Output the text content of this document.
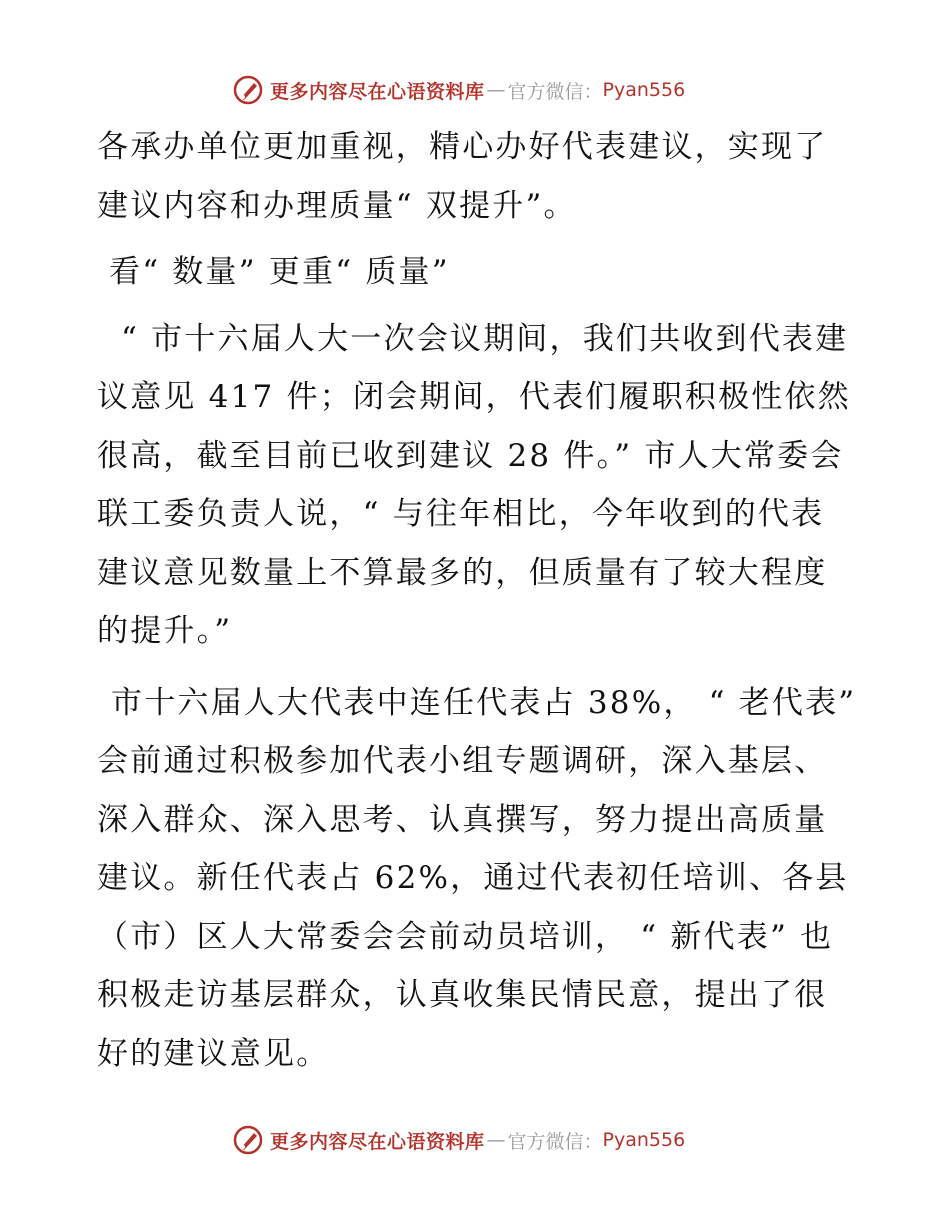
更多内容尽在心语资料库 — 官方微信： Pyan556

各承办单位更加重视，精心办好代表建议，实现了建议内容和办理质量“ 双提升”。

看“ 数量” 更重“ 质量”

“ 市十六届人大一次会议期间，我们共收到代表建议意见 417 件；闭会期间，代表们履职积极性依然很高，截至目前已收到建议 28 件。” 市人大常委会联工委负责人说，“ 与往年相比，今年收到的代表建议意见数量上不算最多的，但质量有了较大程度的提升。”

市十六届人大代表中连任代表占 38%， “ 老代表” 会前通过积极参加代表小组专题调研，深入基层、深入群众、深入思考、认真撰写，努力提出高质量建议。新任代表占 62%，通过代表初任培训、各县（市）区人大常委会会前动员培训， “ 新代表” 也积极走访基层群众，认真收集民情民意，提出了很好的建议意见。

更多内容尽在心语资料库 — 官方微信： Pyan556
